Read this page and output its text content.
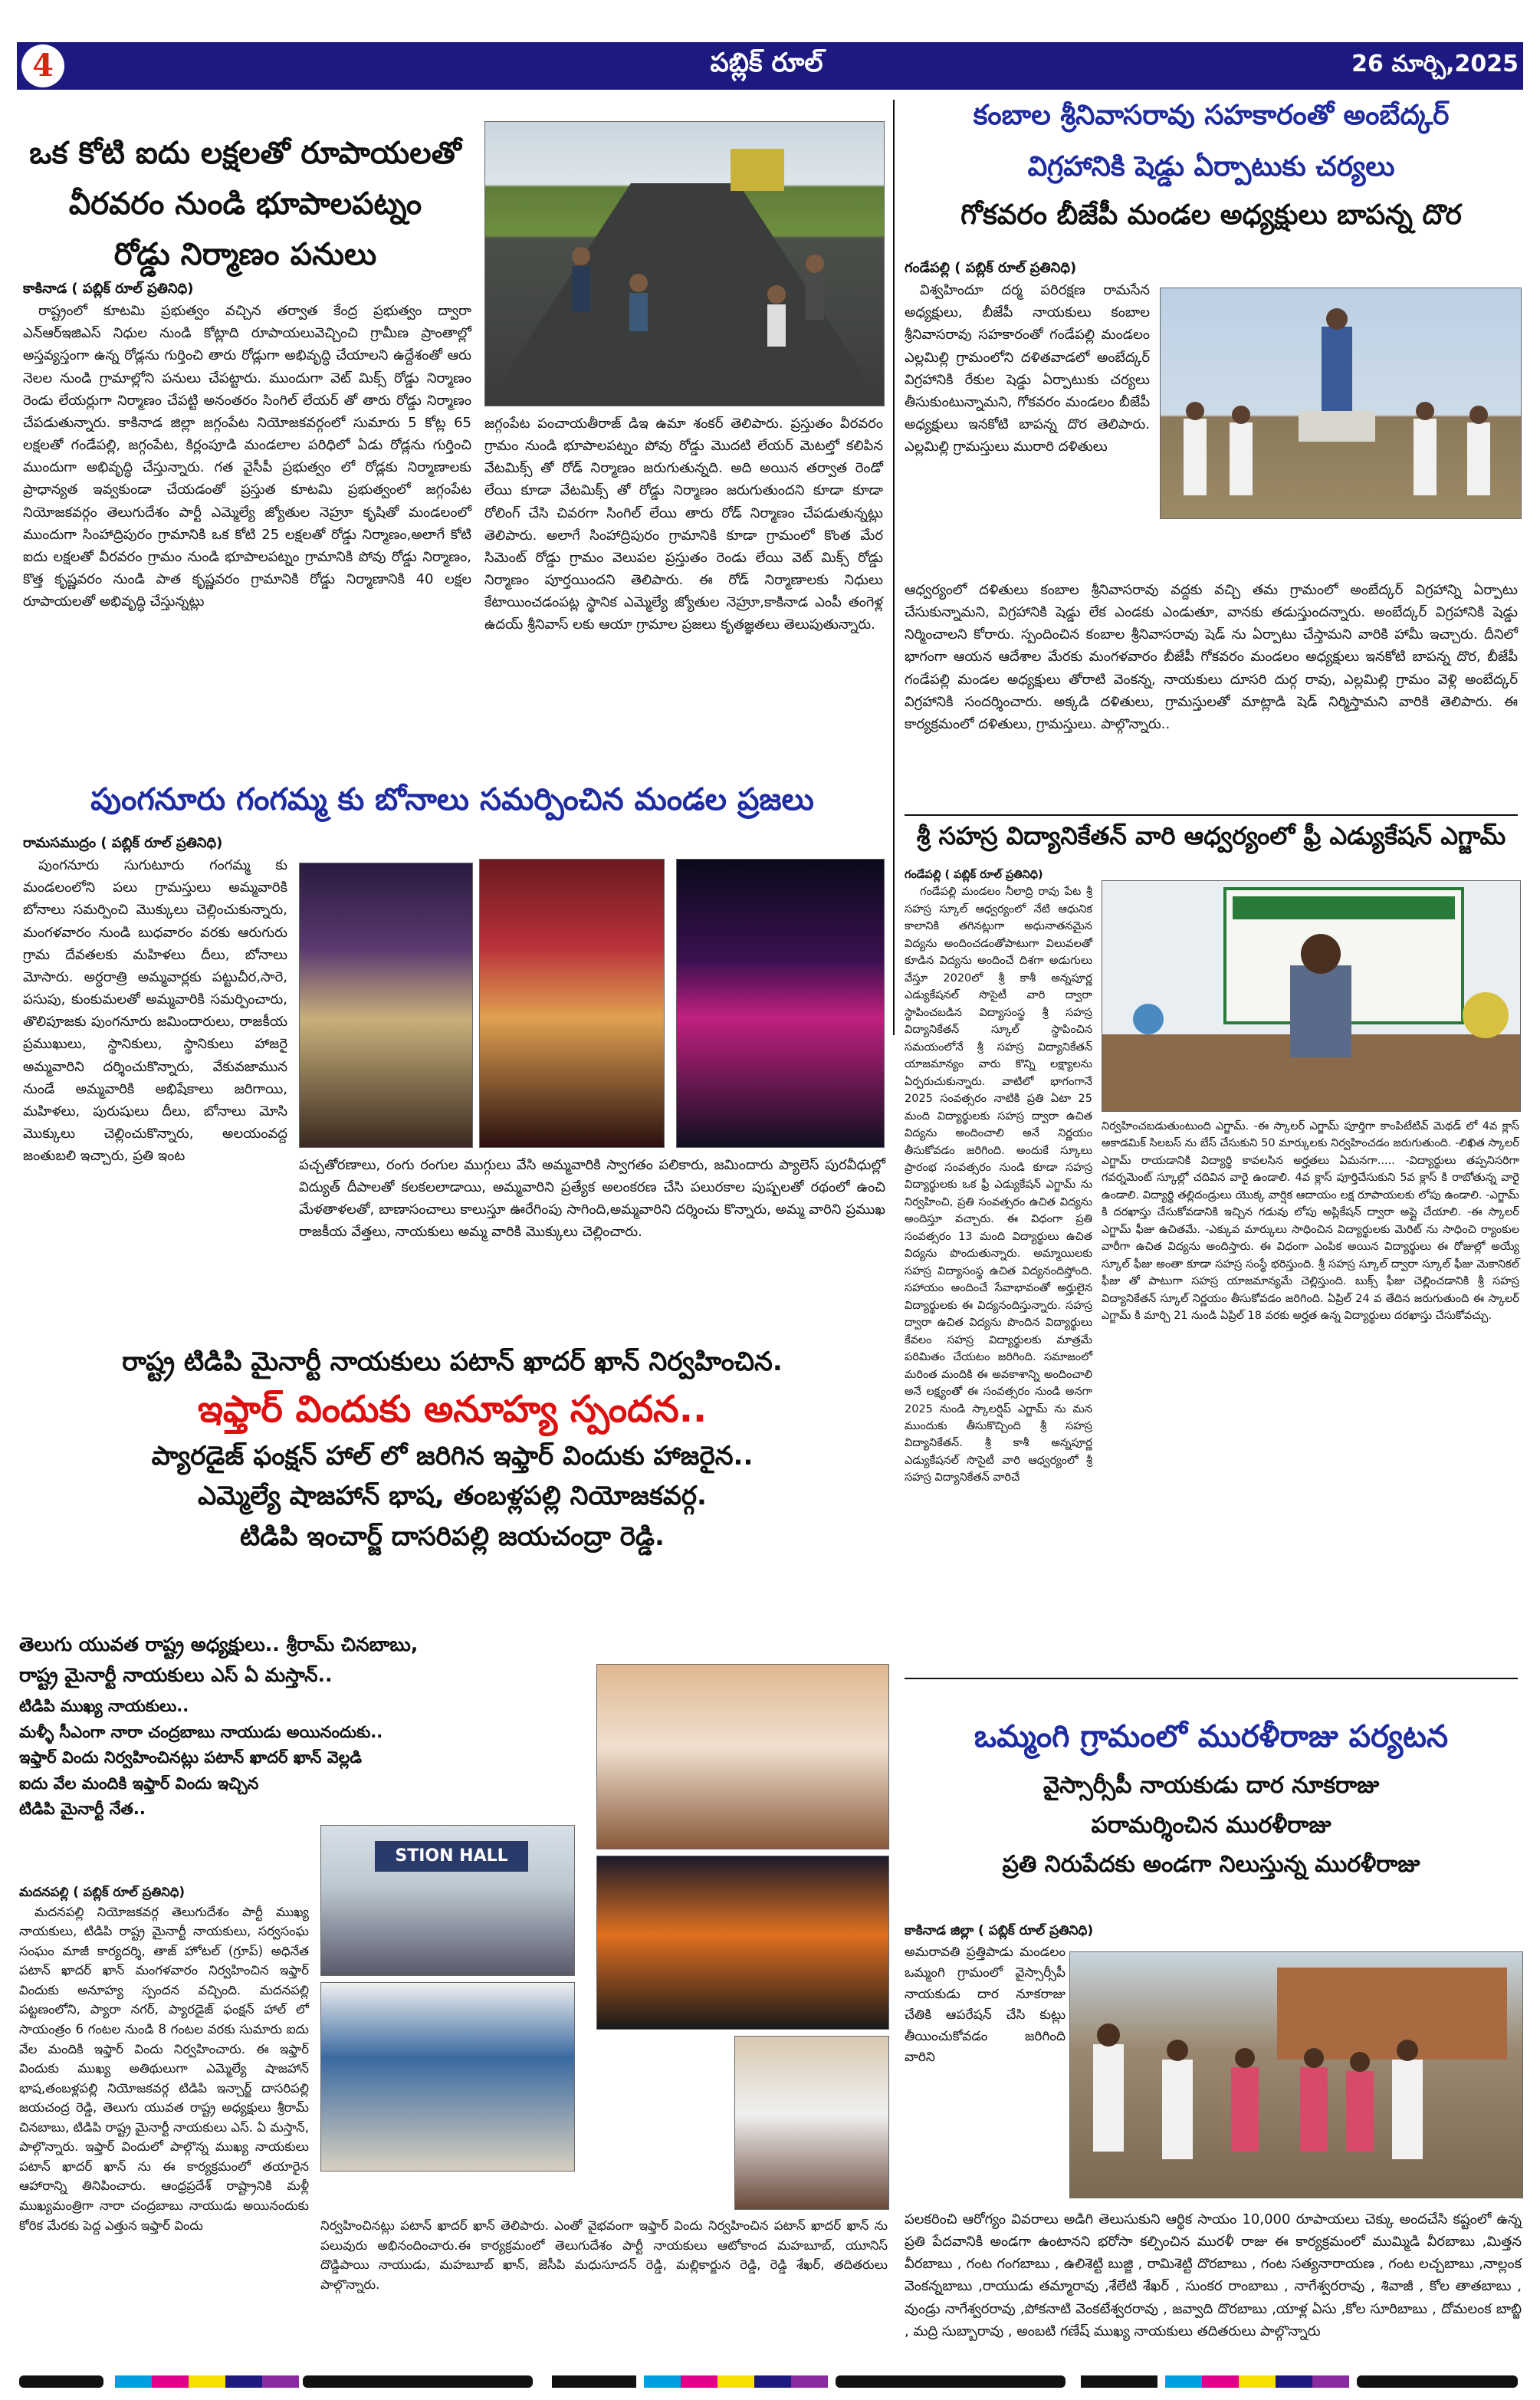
4	పబ్లిక్ రూల్	26 మార్చి,2025
ఒక కోటి ఐదు లక్షలతో రూపాయలతో
వీరవరం నుండి భూపాలపట్నం
రోడ్డు నిర్మాణం పనులు
కాకినాడ ( పబ్లిక్ రూల్ ప్రతినిధి)

రాష్ట్రంలో కూటమి ప్రభుత్వం వచ్చిన తర్వాత కేంద్ర ప్రభుత్వం ద్వారా ఎన్ఆర్ఇజిఎస్ నిధుల నుండి కోట్లాది రూపాయలువెచ్చించి గ్రామీణ ప్రాంతాల్లో అస్తవ్యస్తంగా ఉన్న రోడ్లను గుర్తించి తారు రోడ్లుగా అభివృద్ధి చేయాలని ఉద్దేశంతో ఆరు నెలల నుండి గ్రామాల్లోని పనులు చేపట్టారు. ముందుగా వెట్ మిక్స్ రోడ్డు నిర్మాణం రెండు లేయర్లుగా నిర్మాణం చేపట్టి అనంతరం సింగిల్ లేయర్ తో తారు రోడ్డు నిర్మాణం చేపడుతున్నారు. కాకినాడ జిల్లా జగ్గంపేట నియోజకవర్గంలో సుమారు 5 కోట్ల 65 లక్షలతో గండేపల్లి, జగ్గంపేట, కిర్లంపూడి మండలాల పరిధిలో ఏడు రోడ్లను గుర్తించి ముందుగా అభివృద్ధి చేస్తున్నారు. గత వైసీపీ ప్రభుత్వం లో రోడ్లకు నిర్మాణాలకు ప్రాధాన్యత ఇవ్వకుండా చేయడంతో ప్రస్తుత కూటమి ప్రభుత్వంలో జగ్గంపేట నియోజకవర్గం తెలుగుదేశం పార్టీ ఎమ్మెల్యే జ్యోతుల నెహ్రూ కృషితో మండలంలో ముందుగా సింహాద్రిపురం గ్రామానికి ఒక కోటి 25 లక్షలతో రోడ్డు నిర్మాణం,అలాగే కోటి ఐదు లక్షలతో వీరవరం గ్రామం నుండి భూపాలపట్నం గ్రామానికి పోవు రోడ్డు నిర్మాణం, కొత్త కృష్ణవరం నుండి పాత కృష్ణవరం గ్రామానికి రోడ్డు నిర్మాణానికి 40 లక్షల రూపాయలతో అభివృద్ధి చేస్తున్నట్లు

జగ్గంపేట పంచాయతీరాజ్ డిఇ ఉమా శంకర్ తెలిపారు. ప్రస్తుతం వీరవరం గ్రామం నుండి భూపాలపట్నం పోవు రోడ్డు మొదటి లేయర్ మెటల్తో కలిపిన వేటమిక్స్ తో రోడ్ నిర్మాణం జరుగుతున్నది. అది అయిన తర్వాత రెండో లేయి కూడా వేటమిక్స్ తో రోడ్డు నిర్మాణం జరుగుతుందని కూడా కూడా రోలింగ్ చేసి చివరగా సింగిల్ లేయి తారు రోడ్ నిర్మాణం చేపడుతున్నట్లు తెలిపారు. అలాగే సింహాద్రిపురం గ్రామానికి కూడా గ్రామంలో కొంత మేర సిమెంట్ రోడ్డు గ్రామం వెలుపల ప్రస్తుతం రెండు లేయి వెట్ మిక్స్ రోడ్డు నిర్మాణం పూర్తయిందని తెలిపారు. ఈ రోడ్ నిర్మాణాలకు నిధులు కేటాయించడంపట్ల స్థానిక ఎమ్మెల్యే జ్యోతుల నెహ్రూ,కాకినాడ ఎంపీ తంగెళ్ల ఉదయ్ శ్రీనివాస్ లకు ఆయా గ్రామాల ప్రజలు కృతజ్ఞతలు తెలుపుతున్నారు.

కంబాల శ్రీనివాసరావు సహకారంతో అంబేద్కర్
విగ్రహానికి షెడ్డు ఏర్పాటుకు చర్యలు
గోకవరం బీజేపీ మండల అధ్యక్షులు బాపన్న దొర
గండేపల్లి ( పబ్లిక్ రూల్ ప్రతినిధి)

విశ్వహిందూ దర్మ పరిరక్షణ రామసేన అధ్యక్షులు, బీజేపీ నాయకులు కంబాల శ్రీనివాసరావు సహకారంతో గండేపల్లి మండలం ఎల్లమిల్లి గ్రామంలోని దళితవాడలో అంబేద్కర్ విగ్రహానికి రేకుల షెడ్డు ఏర్పాటుకు చర్యలు తీసుకుంటున్నామని, గోకవరం మండలం బీజేపీ అధ్యక్షులు ఇనకోటి బాపన్న దొర తెలిపారు. ఎల్లమిల్లి గ్రామస్తులు మురారి దళితులు

ఆధ్వర్యంలో దళితులు కంబాల శ్రీనివాసరావు వద్దకు వచ్చి తమ గ్రామంలో అంబేద్కర్ విగ్రహాన్ని ఏర్పాటు చేసుకున్నామని, విగ్రహానికి షెడ్డు లేక ఎండకు ఎండుతూ, వానకు తడుస్తుందన్నారు. అంబేద్కర్ విగ్రహానికి షెడ్డు నిర్మించాలని కోరారు. స్పందించిన కంబాల శ్రీనివాసరావు షెడ్ ను ఏర్పాటు చేస్తామని వారికి హామీ ఇచ్చారు. దీనిలో భాగంగా ఆయన ఆదేశాల మేరకు మంగళవారం బీజేపీ గోకవరం మండలం అధ్యక్షులు ఇనకోటి బాపన్న దొర, బీజేపీ గండేపల్లి మండల అధ్యక్షులు తోరాటి వెంకన్న, నాయకులు దూసరి దుర్గ రావు, ఎల్లమిల్లి గ్రామం వెళ్లి అంబేద్కర్ విగ్రహానికి సందర్శించారు. అక్కడి దళితులు, గ్రామస్తులతో మాట్లాడి షెడ్ నిర్మిస్తామని వారికి తెలిపారు. ఈ కార్యక్రమంలో దళితులు, గ్రామస్తులు. పాల్గొన్నారు..

పుంగనూరు గంగమ్మ కు బోనాలు సమర్పించిన మండల ప్రజలు
రామసముద్రం ( పబ్లిక్ రూల్ ప్రతినిధి)

పుంగనూరు సుగుటూరు గంగమ్మ కు మండలంలోని పలు గ్రామస్తులు అమ్మవారికి బోనాలు సమర్పించి మొక్కులు చెల్లించుకున్నారు, మంగళవారం నుండి బుధవారం వరకు ఆరుగురు గ్రామ దేవతలకు మహిళలు దీలు, బోనాలు మోసారు. అర్ధరాత్రి అమ్మవార్లకు పట్టుచీర,సారె, పసుపు, కుంకుమలతో అమ్మవారికి సమర్పించారు, తొలిపూజకు పుంగనూరు జమిందారులు, రాజకీయ ప్రముఖులు, స్థానికులు, స్థానికులు హాజరై అమ్మవారిని దర్శించుకొన్నారు, వేకువజామున నుండే అమ్మవారికి అభిషేకాలు జరిగాయి, మహిళలు, పురుషులు దీలు, బోనాలు మోసి మొక్కులు చెల్లించుకొన్నారు, అలయంవద్ద జంతుబలి ఇచ్చారు, ప్రతి ఇంట

పచ్చతోరణాలు, రంగు రంగుల ముగ్గులు వేసి అమ్మవారికి స్వాగతం పలికారు, జమిందారు ప్యాలెస్ పురవీధుల్లో విద్యుత్ దీపాలతో కలకలలాడాయి, అమ్మవారిని ప్రత్యేక అలంకరణ చేసి పలురకాల పుష్పలతో రథంలో ఉంచి మేళతాళలతో, బాణాసంచాలు కాలుస్తూ ఊరేగింపు సాగింది,అమ్మవారిని దర్శించు కొన్నారు, అమ్మ వారిని ప్రముఖ రాజకీయ వేత్తలు, నాయకులు అమ్మ వారికి మొక్కులు చెల్లించారు.

శ్రీ సహస్ర విద్యానికేతన్ వారి ఆధ్వర్యంలో ఫ్రీ ఎడ్యుకేషన్ ఎగ్జామ్
గండేపల్లి ( పబ్లిక్ రూల్ ప్రతినిధి)

గండేపల్లి మండలం నీలాద్రి రావు పేట శ్రీ సహస్ర స్కూల్ ఆధ్వర్యంలో నేటి ఆధునిక కాలానికి తగినట్లుగా అధునాతనమైన విద్యను అందించడంతోపాటుగా విలువలతో కూడిన విద్యను అందించే దిశగా అడుగులు వేస్తూ 2020లో శ్రీ కాశీ అన్నపూర్ణ ఎడ్యుకేషనల్ సొసైటీ వారి ద్వారా స్థాపించబడిన విద్యాసంస్థ శ్రీ సహస్ర విద్యానికేతన్ స్కూల్ స్థాపించిన సమయంలోనే శ్రీ సహస్ర విద్యానికేతన్ యాజమాన్యం వారు కొన్ని లక్ష్యాలను ఏర్పరుచుకున్నారు. వాటిలో భాగంగానే 2025 సంవత్సరం నాటికి ప్రతి ఏటా 25 మంది విద్యార్థులకు సహస్ర ద్వారా ఉచిత విద్యను అందించాలి అనే నిర్ణయం తీసుకోవడం జరిగింది. అందుకే స్కూలు ప్రారంభ సంవత్సరం నుండి కూడా సహస్ర విద్యార్థులకు ఒక ఫ్రీ ఎడ్యుకేషన్ ఎగ్జామ్ ను నిర్వహించి, ప్రతి సంవత్సరం ఉచిత విద్యను అందిస్తూ వచ్చారు. ఈ విధంగా ప్రతి సంవత్సరం 13 మంది విద్యార్థులు ఉచిత విద్యను పొందుతున్నారు. అమ్మాయిలకు సహస్ర విద్యాసంస్థ ఉచిత విద్యనందిస్తోంది. సహాయం అందించే సేవాభావంతో అర్హులైన విద్యార్థులకు ఈ విద్యనందిస్తున్నారు. సహస్ర ద్వారా ఉచిత విద్యను పొందిన విద్యార్థులు కేవలం సహస్ర విద్యార్థులకు మాత్రమే పరిమితం చేయటం జరిగింది. సమాజంలో మరింత మందికి ఈ అవకాశాన్ని అందించాలి అనే లక్ష్యంతో ఈ సంవత్సరం నుండి అనగా 2025 నుండి స్కాలర్షిప్ ఎగ్జామ్ ను మన ముందుకు తీసుకొచ్చింది శ్రీ సహస్ర విద్యానికేతన్. శ్రీ కాశీ అన్నపూర్ణ ఎడ్యుకేషనల్ సొసైటీ వారి ఆధ్వర్యంలో శ్రీ సహస్ర విద్యానికేతన్ వారిచే

నిర్వహించబడుతుంటుంది ఎగ్జామ్. -ఈ స్కాలర్ ఎగ్జామ్ పూర్తిగా కాంపిటేటివ్ మెథడ్ లో 4వ క్లాస్ అకాడమిక్ సిలబస్ ను బేస్ చేసుకుని 50 మార్కులకు నిర్వహించడం జరుగుతుంది. -లిఖిత స్కాలర్ ఎగ్జామ్ రాయడానికి విద్యార్థి కావలసిన అర్హతలు ఏమనగా..... -విద్యార్థులు తప్పనిసరిగా గవర్నమెంట్ స్కూల్లో చదివిన వారై ఉండాలి. 4వ క్లాస్ పూర్తిచేసుకుని 5వ క్లాస్ కి రాబోతున్న వారై ఉండాలి. విద్యార్థి తల్లిదండ్రులు యొక్క వార్షిక ఆదాయం లక్ష రూపాయలకు లోపు ఉండాలి. -ఎగ్జామ్ కి దరఖాస్తు చేసుకోవడానికి ఇచ్చిన గడువు లోపు అప్లికేషన్ ద్వారా అప్లై చేయాలి. -ఈ స్కాలర్ ఎగ్జామ్ ఫీజు ఉచితమే. -ఎక్కువ మార్కులు సాధించిన విద్యార్థులకు మెరిట్ ను సాధించి ర్యాంకుల వారీగా ఉచిత విద్యను అందిస్తారు. ఈ విధంగా ఎంపిక అయిన విద్యార్థులు ఈ రోజుల్లో అయ్యే స్కూల్ ఫీజు అంతా కూడా సహస్ర సంస్థే భరిస్తుంది. శ్రీ సహస్ర స్కూల్ ద్వారా స్కూల్ ఫీజు మెకానికల్ ఫీజు తో పాటుగా సహస్ర యాజమాన్యమే చెల్లిస్తుంది. బుక్స్ ఫీజు చెల్లించడానికి శ్రీ సహస్ర విద్యానికేతన్ స్కూల్ నిర్ణయం తీసుకోవడం జరిగింది. ఏప్రిల్ 24 వ తేదిన జరుగుతుంది ఈ స్కాలర్ ఎగ్జామ్ కి మార్చి 21 నుండి ఏప్రిల్ 18 వరకు అర్హత ఉన్న విద్యార్థులు దరఖాస్తు చేసుకోవచ్చు.

రాష్ట్ర టిడిపి మైనార్టీ నాయకులు పటాన్ ఖాదర్ ఖాన్ నిర్వహించిన.
ఇఫ్తార్ విందుకు అనూహ్య స్పందన..
ప్యారడైజ్ ఫంక్షన్ హాల్ లో జరిగిన ఇఫ్తార్ విందుకు హాజరైన..
ఎమ్మెల్యే షాజహాన్ భాష, తంబళ్లపల్లి నియోజకవర్గ.
టిడిపి ఇంచార్జ్ దాసరిపల్లి జయచంద్రా రెడ్డి.
తెలుగు యువత రాష్ట్ర అధ్యక్షులు.. శ్రీరామ్ చినబాబు,
రాష్ట్ర మైనార్టీ నాయకులు ఎస్ ఏ మస్తాన్..
టిడిపి ముఖ్య నాయకులు..
మళ్ళీ సీఎంగా నారా చంద్రబాబు నాయుడు అయినందుకు..
ఇఫ్తార్ విందు నిర్వహించినట్లు పటాన్ ఖాదర్ ఖాన్ వెల్లడి
ఐదు వేల మందికి ఇఫ్తార్ విందు ఇచ్చిన
టిడిపి మైనార్టీ నేత..
STION HALL
మదనపల్లి ( పబ్లిక్ రూల్ ప్రతినిధి)

మదనపల్లి నియోజకవర్గ తెలుగుదేశం పార్టీ ముఖ్య నాయకులు, టిడిపి రాష్ట్ర మైనార్టీ నాయకులు, సర్వసంఘ సంఘం మాజీ కార్యదర్శి, తాజ్ హోటల్ (గ్రూప్) అధినేత పటాన్ ఖాదర్ ఖాన్ మంగళవారం నిర్వహించిన ఇఫ్తార్ విందుకు అనూహ్య స్పందన వచ్చింది. మదనపల్లి పట్టణంలోని, ప్యారా నగర్, ప్యారడైజ్ ఫంక్షన్ హాల్ లో సాయంత్రం 6 గంటల నుండి 8 గంటల వరకు సుమారు ఐదు వేల మందికి ఇఫ్తార్ విందు నిర్వహించారు. ఈ ఇఫ్తార్ విందుకు ముఖ్య అతిథులుగా ఎమ్మెల్యే షాజహాన్ భాష,తంబళ్లపల్లి నియోజకవర్గ టిడిపి ఇన్చార్జ్ దాసరిపల్లి జయచంద్ర రెడ్డి, తెలుగు యువత రాష్ట్ర అధ్యక్షులు శ్రీరామ్ చినబాబు, టిడిపి రాష్ట్ర మైనార్టీ నాయకులు ఎస్. ఏ మస్తాన్, పాల్గొన్నారు. ఇఫ్తార్ విందులో పాల్గొన్న ముఖ్య నాయకులు పటాన్ ఖాదర్ ఖాన్ ను ఈ కార్యక్రమంలో తయారైన ఆహారాన్ని తినిపించారు. ఆంధ్రప్రదేశ్ రాష్ట్రానికి మళ్లీ ముఖ్యమంత్రిగా నారా చంద్రబాబు నాయుడు అయినందుకు కోరిక మేరకు పెద్ద ఎత్తున ఇఫ్తార్ విందు	నిర్వహించినట్లు పటాన్ ఖాదర్ ఖాన్ తెలిపారు. ఎంతో వైభవంగా ఇఫ్తార్ విందు నిర్వహించిన పటాన్ ఖాదర్ ఖాన్ ను పలువురు అభినందించారు.ఈ కార్యక్రమంలో తెలుగుదేశం పార్టీ నాయకులు ఆటోకాంద మహబూబ్, యూనిస్ దొడ్డిపాయి నాయుడు, మహబూబ్ ఖాన్, జెసీపి మధుసూదన్ రెడ్డి, మల్లికార్జున రెడ్డి, రెడ్డి శేఖర్, తదితరులు పాల్గొన్నారు.

ఒమ్మంగి గ్రామంలో మురళీరాజు పర్యటన
వైస్సార్సీపీ నాయకుడు దార నూకరాజు
పరామర్శించిన మురళీరాజు
ప్రతి నిరుపేదకు అండగా నిలుస్తున్న మురళీరాజు
కాకినాడ జిల్లా ( పబ్లిక్ రూల్ ప్రతినిధి)

అమరావతి ప్రత్తిపాడు మండలం ఒమ్మంగి గ్రామంలో వైస్సార్సీపీ నాయకుడు దార నూకరాజు చేతికి ఆపరేషన్ చేసి కుట్లు తీయించుకోవడం జరిగింది వారిని

పలకరించి ఆరోగ్యం వివరాలు అడిగి తెలుసుకుని ఆర్థిక సాయం 10,000 రూపాయలు చెక్కు అందచేసి కష్టంలో ఉన్న ప్రతి పేదవానికి అండగా ఉంటానని భరోసా కల్పించిన మురళీ రాజు ఈ కార్యక్రమంలో ముమ్మిడి వీరబాబు ,మిత్తన వీరబాబు , గంట గంగబాబు , ఉలిశెట్టి బుజ్జి , రామిశెట్టి దొరబాబు , గంట సత్యనారాయణ , గంట లచ్చబాబు ,నాల్లంక వెంకన్నబాబు ,రాయుడు తమ్మారావు ,శేలేటి శేఖర్ , సుంకర రాంబాబు , నాగేశ్వరరావు , శివాజీ , కోల తాతబాబు , వుండ్రు నాగేశ్వరరావు ,పోకనాటి వెంకటేశ్వరరావు , జవ్వాది దొరబాబు ,యాళ్ల ఏసు ,కోల సూరిబాబు , దోమలంక బాబ్జి , మద్రి సుబ్బారావు , అంబటి గణేష్ ముఖ్య నాయకులు తదితరులు పాల్గొన్నారు
